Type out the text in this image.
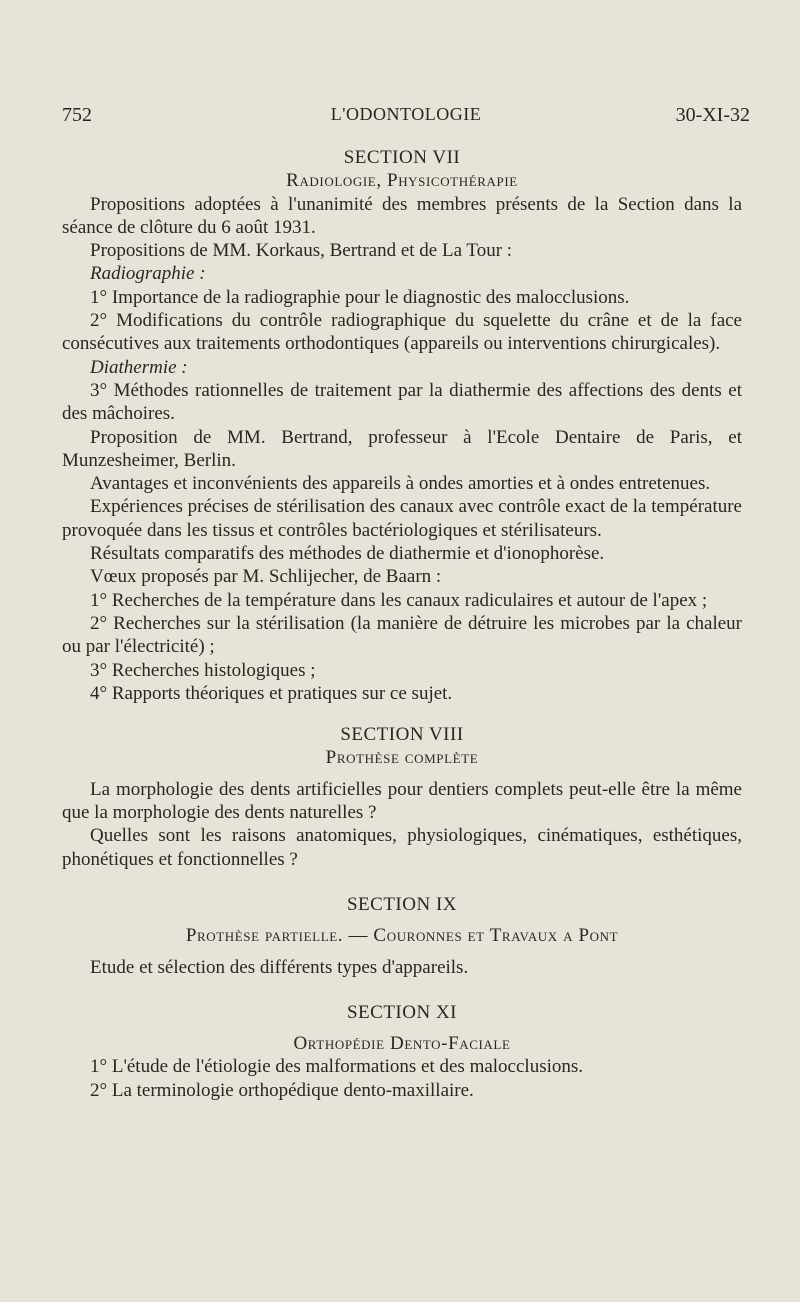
752	L'ODONTOLOGIE	30-XI-32

SECTION VII

Radiologie, Physicothérapie

Propositions adoptées à l'unanimité des membres présents de la Section dans la séance de clôture du 6 août 1931.

Propositions de MM. Korkaus, Bertrand et de La Tour :

Radiographie :

1° Importance de la radiographie pour le diagnostic des malocclusions.

2° Modifications du contrôle radiographique du squelette du crâne et de la face consécutives aux traitements orthodontiques (appareils ou interventions chirurgicales).

Diathermie :

3° Méthodes rationnelles de traitement par la diathermie des affections des dents et des mâchoires.

Proposition de MM. Bertrand, professeur à l'Ecole Dentaire de Paris, et Munzesheimer, Berlin.

Avantages et inconvénients des appareils à ondes amorties et à ondes entretenues.

Expériences précises de stérilisation des canaux avec contrôle exact de la température provoquée dans les tissus et contrôles bactériologiques et stérilisateurs.

Résultats comparatifs des méthodes de diathermie et d'ionophorèse.

Vœux proposés par M. Schlijecher, de Baarn :

1° Recherches de la température dans les canaux radiculaires et autour de l'apex ;

2° Recherches sur la stérilisation (la manière de détruire les microbes par la chaleur ou par l'électricité) ;

3° Recherches histologiques ;

4° Rapports théoriques et pratiques sur ce sujet.

SECTION VIII

Prothèse complète

La morphologie des dents artificielles pour dentiers complets peut-elle être la même que la morphologie des dents naturelles ?

Quelles sont les raisons anatomiques, physiologiques, cinématiques, esthétiques, phonétiques et fonctionnelles ?

SECTION IX

Prothèse partielle. — Couronnes et Travaux a Pont

Etude et sélection des différents types d'appareils.

SECTION XI

Orthopédie Dento-Faciale

1° L'étude de l'étiologie des malformations et des malocclusions.

2° La terminologie orthopédique dento-maxillaire.
